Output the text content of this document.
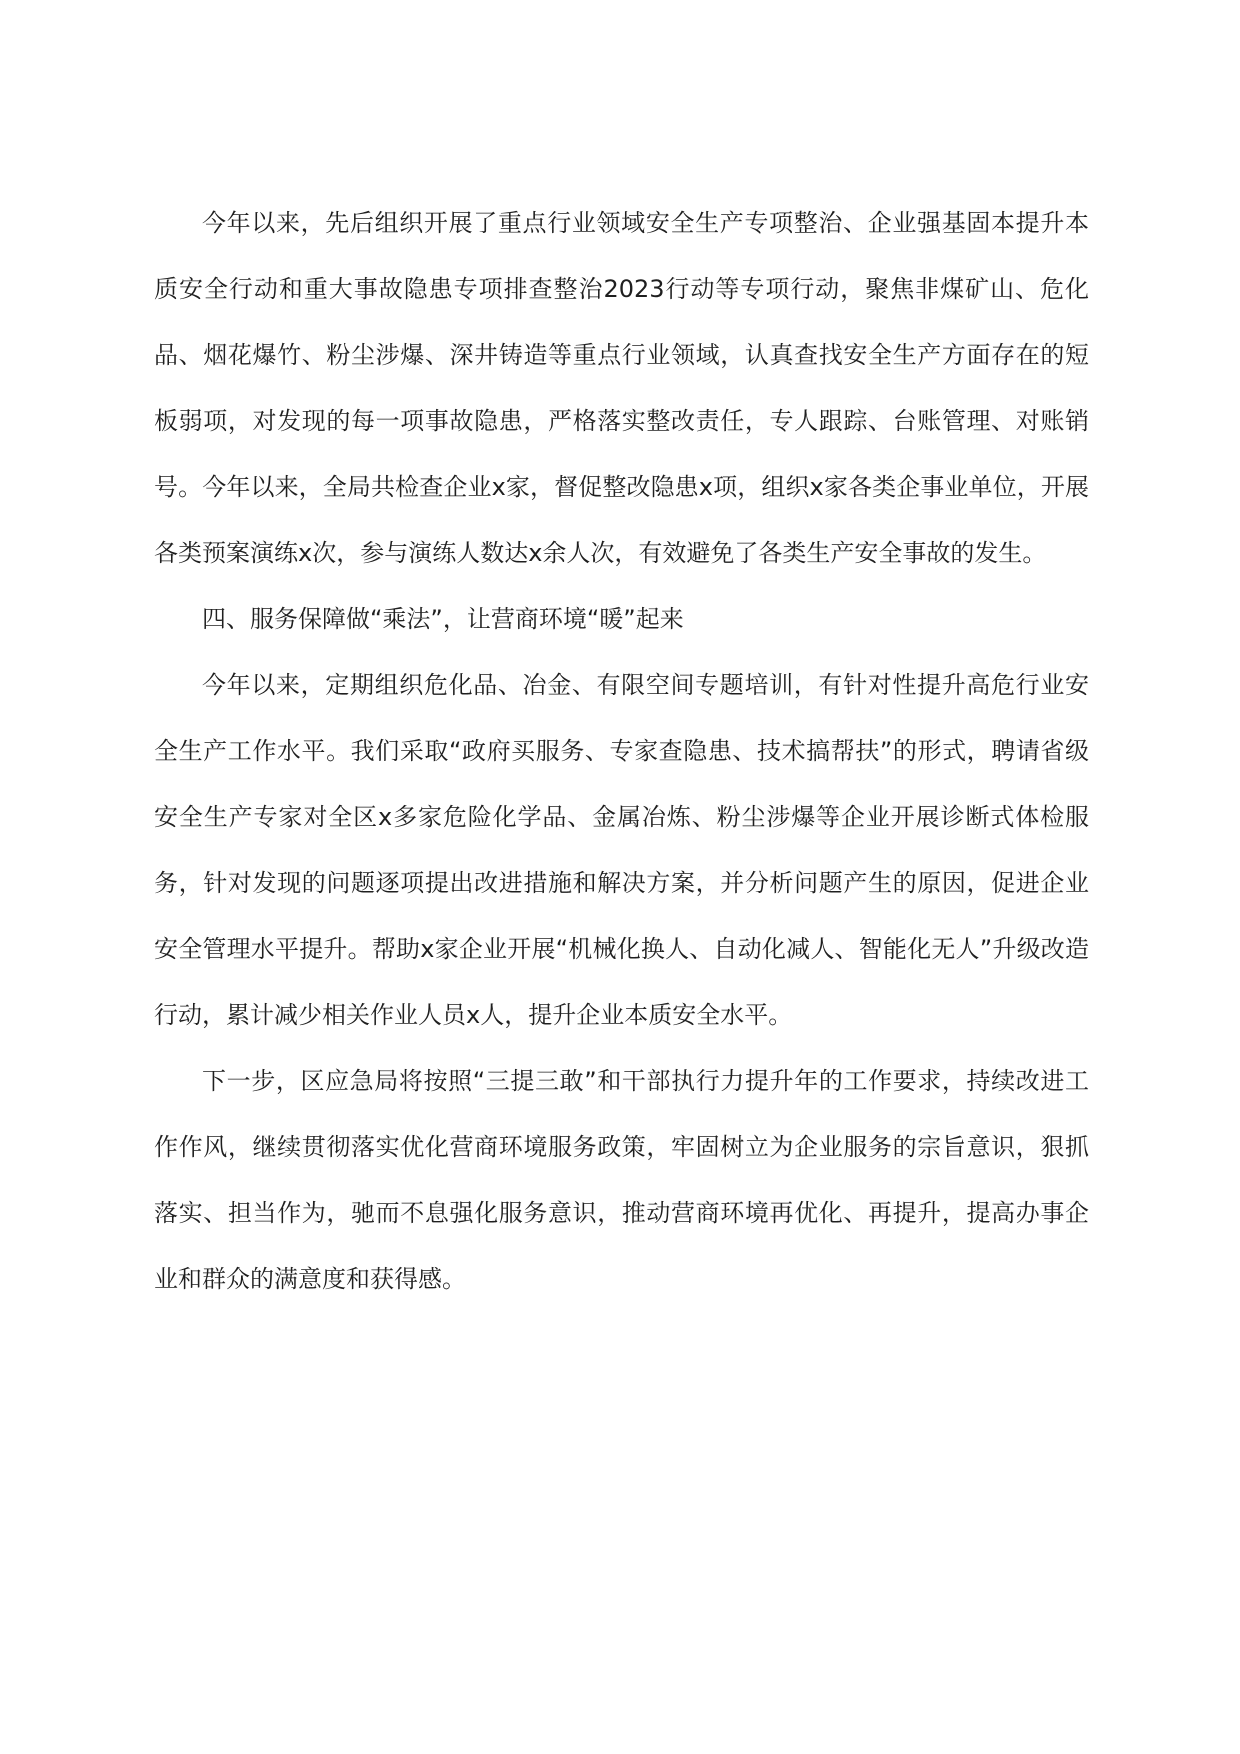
今年以来，先后组织开展了重点行业领域安全生产专项整治、企业强基固本提升本质安全行动和重大事故隐患专项排查整治2023行动等专项行动，聚焦非煤矿山、危化品、烟花爆竹、粉尘涉爆、深井铸造等重点行业领域，认真查找安全生产方面存在的短板弱项，对发现的每一项事故隐患，严格落实整改责任，专人跟踪、台账管理、对账销号。今年以来，全局共检查企业x家，督促整改隐患x项，组织x家各类企事业单位，开展各类预案演练x次，参与演练人数达x余人次，有效避免了各类生产安全事故的发生。

四、服务保障做“乘法”，让营商环境“暖”起来

今年以来，定期组织危化品、冶金、有限空间专题培训，有针对性提升高危行业安全生产工作水平。我们采取“政府买服务、专家查隐患、技术搞帮扶”的形式，聘请省级安全生产专家对全区x多家危险化学品、金属冶炼、粉尘涉爆等企业开展诊断式体检服务，针对发现的问题逐项提出改进措施和解决方案，并分析问题产生的原因，促进企业安全管理水平提升。帮助x家企业开展“机械化换人、自动化减人、智能化无人”升级改造行动，累计减少相关作业人员x人，提升企业本质安全水平。

下一步，区应急局将按照“三提三敢”和干部执行力提升年的工作要求，持续改进工作作风，继续贯彻落实优化营商环境服务政策，牢固树立为企业服务的宗旨意识，狠抓落实、担当作为，驰而不息强化服务意识，推动营商环境再优化、再提升，提高办事企业和群众的满意度和获得感。
